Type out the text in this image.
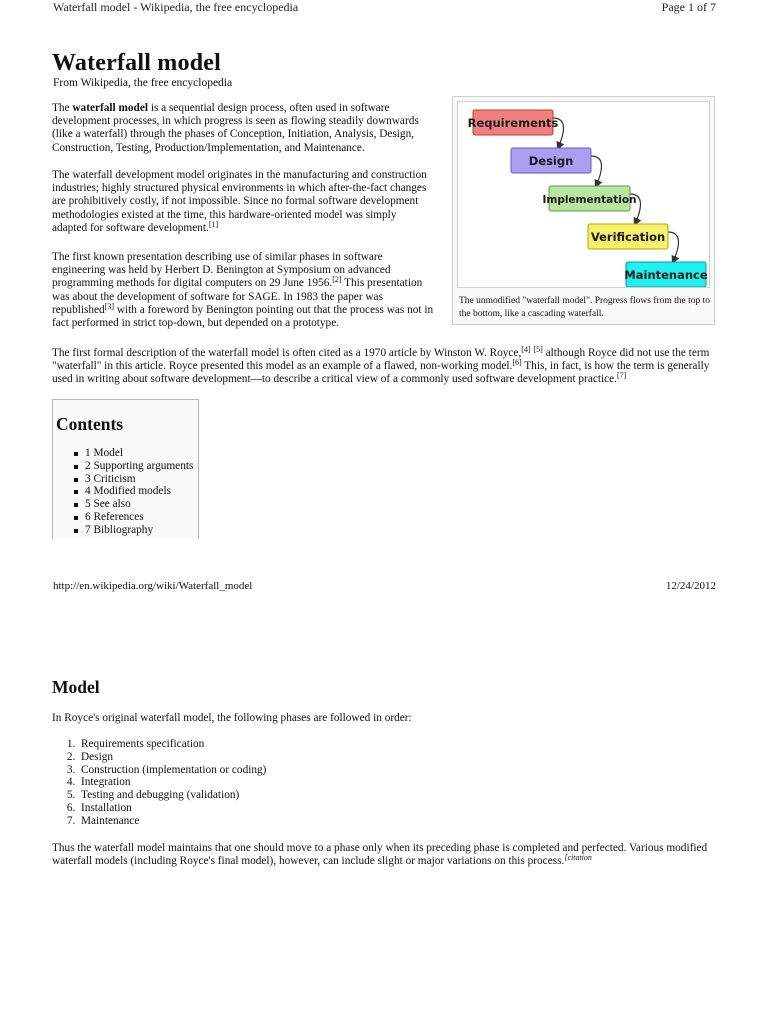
Waterfall model - Wikipedia, the free encyclopedia	Page 1 of 7
Waterfall model
From Wikipedia, the free encyclopedia

The waterfall model is a sequential design process, often used in software development processes, in which progress is seen as flowing steadily downwards (like a waterfall) through the phases of Conception, Initiation, Analysis, Design, Construction, Testing, Production/Implementation, and Maintenance.

The waterfall development model originates in the manufacturing and construction industries; highly structured physical environments in which after-the-fact changes are prohibitively costly, if not impossible. Since no formal software development methodologies existed at the time, this hardware-oriented model was simply adapted for software development.[1]

The first known presentation describing use of similar phases in software engineering was held by Herbert D. Benington at Symposium on advanced programming methods for digital computers on 29 June 1956.[2] This presentation was about the development of software for SAGE. In 1983 the paper was republished[3] with a foreword by Benington pointing out that the process was not in fact performed in strict top-down, but depended on a prototype.

The first formal description of the waterfall model is often cited as a 1970 article by Winston W. Royce,[4] [5] although Royce did not use the term "waterfall" in this article. Royce presented this model as an example of a flawed, non-working model.[6] This, in fact, is how the term is generally used in writing about software development—to describe a critical view of a commonly used software development practice.[7]

Requirements
Design
Implementation
Verification
Maintenance
The unmodified "waterfall model". Progress flows from the top to the bottom, like a cascading waterfall.
Contents
1 Model
2 Supporting arguments
3 Criticism
4 Modified models
5 See also
6 References
7 Bibliography
http://en.wikipedia.org/wiki/Waterfall_model	12/24/2012
Model

In Royce's original waterfall model, the following phases are followed in order:

1. Requirements specification
2. Design
3. Construction (implementation or coding)
4. Integration
5. Testing and debugging (validation)
6. Installation
7. Maintenance

Thus the waterfall model maintains that one should move to a phase only when its preceding phase is completed and perfected. Various modified waterfall models (including Royce's final model), however, can include slight or major variations on this process.$^{[citation}$
